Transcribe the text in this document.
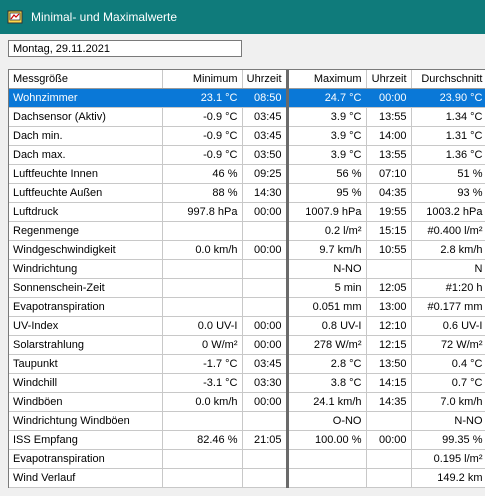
Minimal- und Maximalwerte
Montag, 29.11.2021
Messgröße	Minimum	Uhrzeit	Maximum	Uhrzeit	Durchschnitt
Wohnzimmer	23.1 °C	08:50	24.7 °C	00:00	23.90 °C
Dachsensor (Aktiv)	-0.9 °C	03:45	3.9 °C	13:55	1.34 °C
Dach min.	-0.9 °C	03:45	3.9 °C	14:00	1.31 °C
Dach max.	-0.9 °C	03:50	3.9 °C	13:55	1.36 °C
Luftfeuchte Innen	46 %	09:25	56 %	07:10	51 %
Luftfeuchte Außen	88 %	14:30	95 %	04:35	93 %
Luftdruck	997.8 hPa	00:00	1007.9 hPa	19:55	1003.2 hPa
Regenmenge			0.2 l/m²	15:15	#0.400 l/m²
Windgeschwindigkeit	0.0 km/h	00:00	9.7 km/h	10:55	2.8 km/h
Windrichtung			N-NO		N
Sonnenschein-Zeit			5 min	12:05	#1:20 h
Evapotranspiration			0.051 mm	13:00	#0.177 mm
UV-Index	0.0 UV-I	00:00	0.8 UV-I	12:10	0.6 UV-I
Solarstrahlung	0 W/m²	00:00	278 W/m²	12:15	72 W/m²
Taupunkt	-1.7 °C	03:45	2.8 °C	13:50	0.4 °C
Windchill	-3.1 °C	03:30	3.8 °C	14:15	0.7 °C
Windböen	0.0 km/h	00:00	24.1 km/h	14:35	7.0 km/h
Windrichtung Windböen			O-NO		N-NO
ISS Empfang	82.46 %	21:05	100.00 %	00:00	99.35 %
Evapotranspiration					0.195 l/m²
Wind Verlauf					149.2 km
